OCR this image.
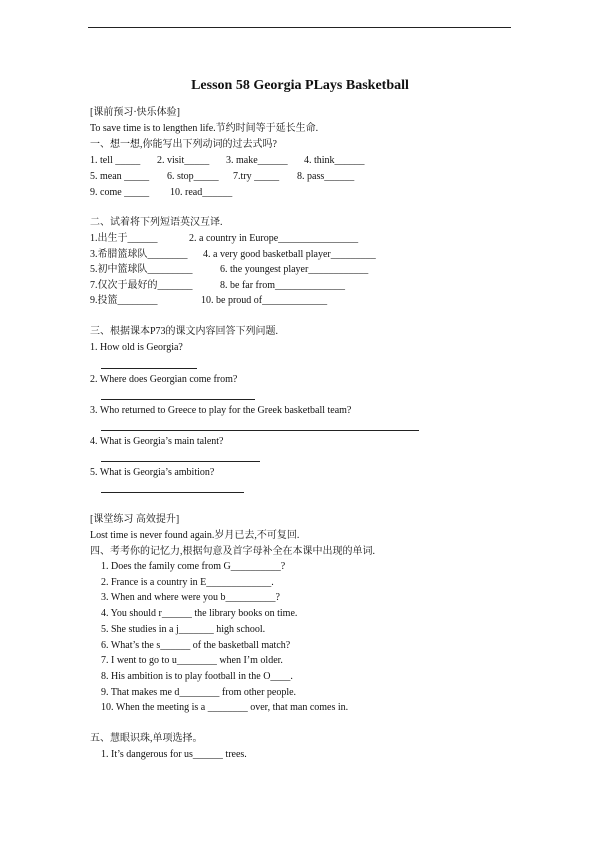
Lesson 58 Georgia PLays Basketball
[课前预习·快乐体验]
To save time is to lengthen life.节约时间等于延长生命.
一、想一想,你能写出下列动词的过去式吗?
1. tell _____ 2. visit_____ 3. make______ 4. think______
5. mean _____ 6. stop_____ 7.try _____ 8. pass______
9. come _____ 10. read______
二、试着将下列短语英汉互译.
1.出生于______	2. a country in Europe________________
3.希腊篮球队________ 4. a very good basketball player_________
5.初中篮球队_________	6. the youngest player____________
7.仅次于最好的_______	8. be far from______________
9.投篮________	10. be proud of_____________
三、根据课本P73的课文内容回答下列问题.
1. How old is Georgia?
2. Where does Georgian come from?
3. Who returned to Greece to play for the Greek basketball team?
4. What is Georgia’s main talent?
5. What is Georgia’s ambition?
[课堂练习 高效提升]
Lost time is never found again.岁月已去,不可复回.
四、考考你的记忆力,根据句意及首字母补全在本课中出现的单词.
1. Does the family come from G__________?
2. France is a country in E_____________.
3. When and where were you b__________?
4. You should r______ the library books on time.
5. She studies in a j_______ high school.
6. What’s the s______ of the basketball match?
7. I went to go to u________ when I’m older.
8. His ambition is to play football in the O____.
9. That makes me d________ from other people.
10. When the meeting is a ________ over, that man comes in.
五、慧眼识珠,单项选择。
1. It’s dangerous for us______ trees.
